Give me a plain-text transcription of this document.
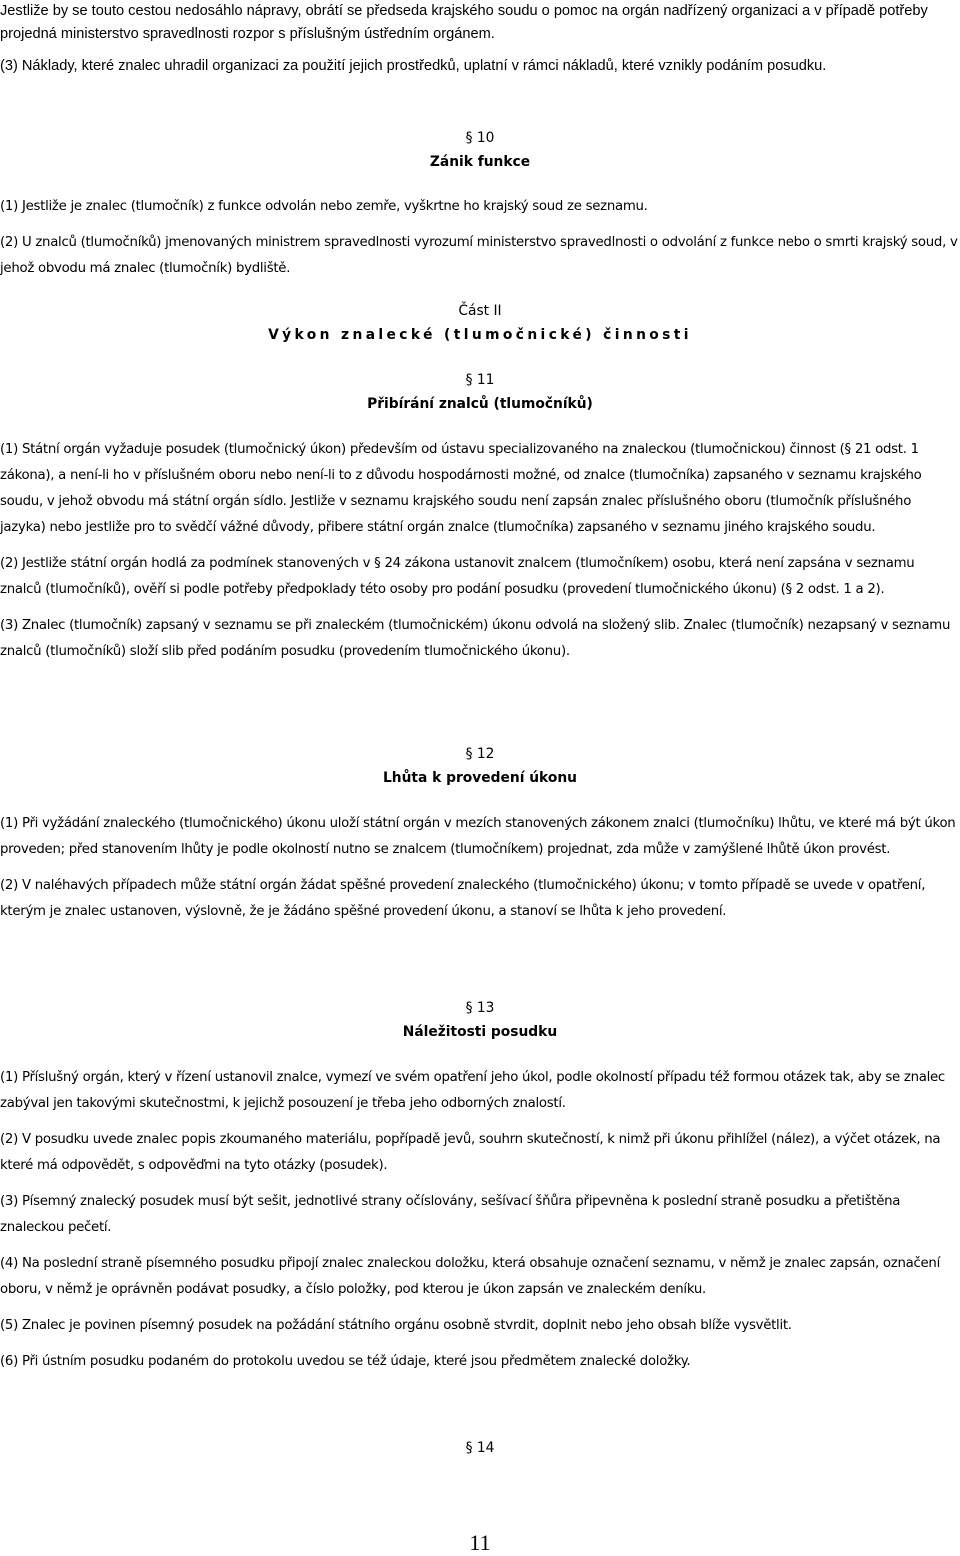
Jestliže by se touto cestou nedosáhlo nápravy, obrátí se předseda krajského soudu o pomoc na orgán nadřízený organizaci a v případě potřeby projedná ministerstvo spravedlnosti rozpor s příslušným ústředním orgánem.

(3) Náklady, které znalec uhradil organizaci za použití jejich prostředků, uplatní v rámci nákladů, které vznikly podáním posudku.

§ 10
Zánik funkce

(1) Jestliže je znalec (tlumočník) z funkce odvolán nebo zemře, vyškrtne ho krajský soud ze seznamu.

(2) U znalců (tlumočníků) jmenovaných ministrem spravedlnosti vyrozumí ministerstvo spravedlnosti o odvolání z funkce nebo o smrti krajský soud, v jehož obvodu má znalec (tlumočník) bydliště.

Část II
Výkon znalecké (tlumočnické) činnosti
§ 11
Přibírání znalců (tlumočníků)

(1) Státní orgán vyžaduje posudek (tlumočnický úkon) především od ústavu specializovaného na znaleckou (tlumočnickou) činnost (§ 21 odst. 1 zákona), a není-li ho v příslušném oboru nebo není-li to z důvodu hospodárnosti možné, od znalce (tlumočníka) zapsaného v seznamu krajského soudu, v jehož obvodu má státní orgán sídlo. Jestliže v seznamu krajského soudu není zapsán znalec příslušného oboru (tlumočník příslušného jazyka) nebo jestliže pro to svědčí vážné důvody, přibere státní orgán znalce (tlumočníka) zapsaného v seznamu jiného krajského soudu.

(2) Jestliže státní orgán hodlá za podmínek stanovených v § 24 zákona ustanovit znalcem (tlumočníkem) osobu, která není zapsána v seznamu znalců (tlumočníků), ověří si podle potřeby předpoklady této osoby pro podání posudku (provedení tlumočnického úkonu) (§ 2 odst. 1 a 2).

(3) Znalec (tlumočník) zapsaný v seznamu se při znaleckém (tlumočnickém) úkonu odvolá na složený slib. Znalec (tlumočník) nezapsaný v seznamu znalců (tlumočníků) složí slib před podáním posudku (provedením tlumočnického úkonu).

§ 12
Lhůta k provedení úkonu

(1) Při vyžádání znaleckého (tlumočnického) úkonu uloží státní orgán v mezích stanovených zákonem znalci (tlumočníku) lhůtu, ve které má být úkon proveden; před stanovením lhůty je podle okolností nutno se znalcem (tlumočníkem) projednat, zda může v zamýšlené lhůtě úkon provést.

(2) V naléhavých případech může státní orgán žádat spěšné provedení znaleckého (tlumočnického) úkonu; v tomto případě se uvede v opatření, kterým je znalec ustanoven, výslovně, že je žádáno spěšné provedení úkonu, a stanoví se lhůta k jeho provedení.

§ 13
Náležitosti posudku

(1) Příslušný orgán, který v řízení ustanovil znalce, vymezí ve svém opatření jeho úkol, podle okolností případu též formou otázek tak, aby se znalec zabýval jen takovými skutečnostmi, k jejichž posouzení je třeba jeho odborných znalostí.

(2) V posudku uvede znalec popis zkoumaného materiálu, popřípadě jevů, souhrn skutečností, k nimž při úkonu přihlížel (nález), a výčet otázek, na které má odpovědět, s odpověďmi na tyto otázky (posudek).

(3) Písemný znalecký posudek musí být sešit, jednotlivé strany očíslovány, sešívací šňůra připevněna k poslední straně posudku a přetištěna znaleckou pečetí.

(4) Na poslední straně písemného posudku připojí znalec znaleckou doložku, která obsahuje označení seznamu, v němž je znalec zapsán, označení oboru, v němž je oprávněn podávat posudky, a číslo položky, pod kterou je úkon zapsán ve znaleckém deníku.

(5) Znalec je povinen písemný posudek na požádání státního orgánu osobně stvrdit, doplnit nebo jeho obsah blíže vysvětlit.

(6) Při ústním posudku podaném do protokolu uvedou se též údaje, které jsou předmětem znalecké doložky.

§ 14
11
